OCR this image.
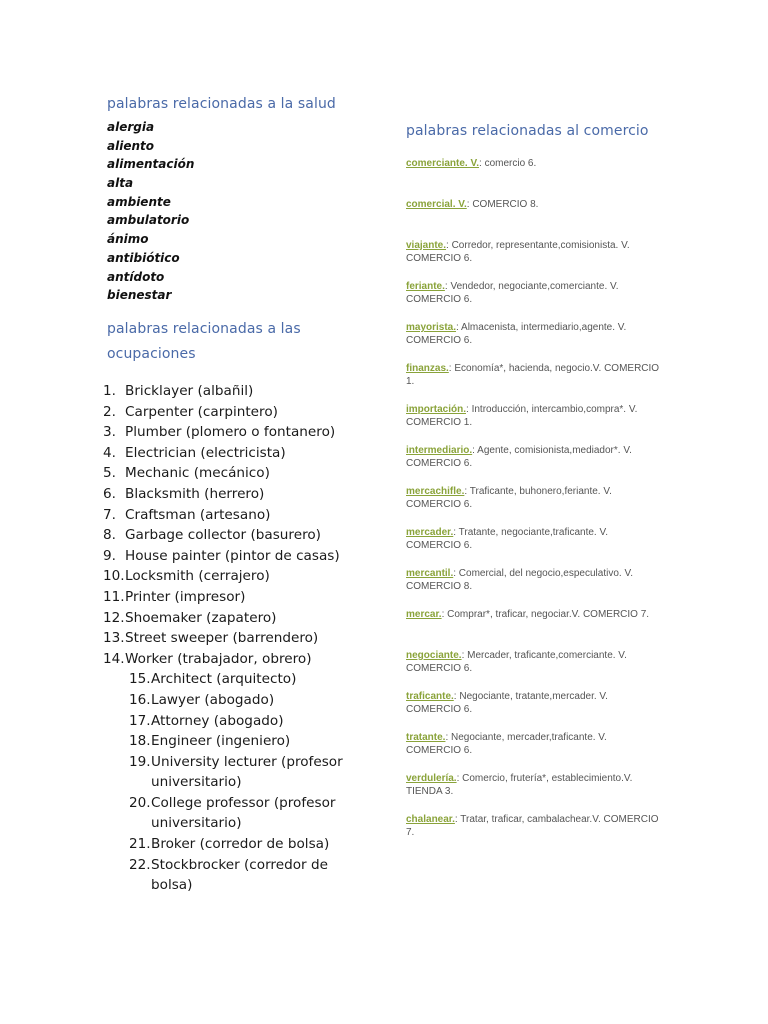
palabras relacionadas a la salud
alergia
aliento
alimentación
alta
ambiente
ambulatorio
ánimo
antibiótico
antídoto
bienestar
palabras relacionadas a las ocupaciones
1. Bricklayer (albañil)
2. Carpenter (carpintero)
3. Plumber (plomero o fontanero)
4. Electrician (electricista)
5. Mechanic (mecánico)
6. Blacksmith (herrero)
7. Craftsman (artesano)
8. Garbage collector (basurero)
9. House painter (pintor de casas)
10. Locksmith (cerrajero)
11. Printer (impresor)
12. Shoemaker (zapatero)
13. Street sweeper (barrendero)
14. Worker (trabajador, obrero)
15. Architect (arquitecto)
16. Lawyer (abogado)
17. Attorney (abogado)
18. Engineer (ingeniero)
19. University lecturer (profesor universitario)
20. College professor (profesor universitario)
21. Broker (corredor de bolsa)
22. Stockbrocker (corredor de bolsa)
palabras relacionadas al comercio
comerciante. V.: comercio 6.
comercial. V.: COMERCIO 8.
viajante.: Corredor, representante,comisionista. V. COMERCIO 6.
feriante.: Vendedor, negociante,comerciante. V. COMERCIO 6.
mayorista.: Almacenista, intermediario,agente. V. COMERCIO 6.
finanzas.: Economía*, hacienda, negocio.V. COMERCIO 1.
importación.: Introducción, intercambio,compra*. V. COMERCIO 1.
intermediario.: Agente, comisionista,mediador*. V. COMERCIO 6.
mercachifle.: Traficante, buhonero,feriante. V. COMERCIO 6.
mercader.: Tratante, negociante,traficante. V. COMERCIO 6.
mercantil.: Comercial, del negocio,especulativo. V. COMERCIO 8.
mercar.: Comprar*, traficar, negociar.V. COMERCIO 7.
negociante.: Mercader, traficante,comerciante. V. COMERCIO 6.
traficante.: Negociante, tratante,mercader. V. COMERCIO 6.
tratante.: Negociante, mercader,traficante. V. COMERCIO 6.
verdulería.: Comercio, frutería*, establecimiento.V. TIENDA 3.
chalanear.: Tratar, traficar, cambalachear.V. COMERCIO 7.
